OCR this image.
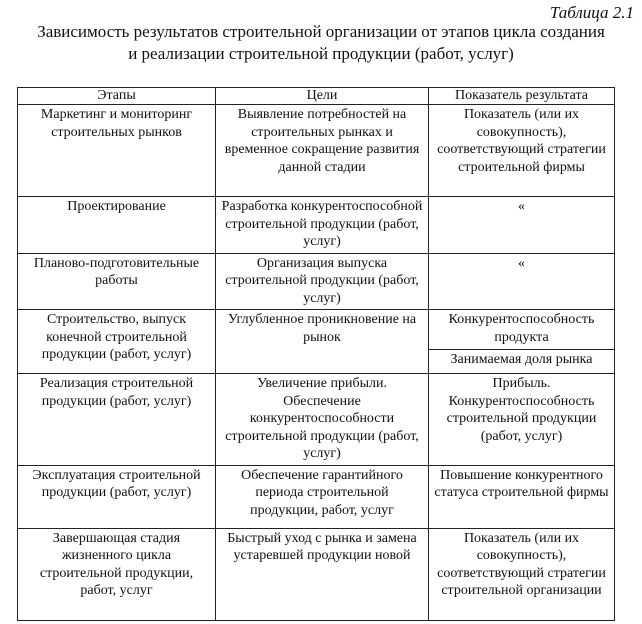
Таблица 2.1
Зависимость результатов строительной организации от этапов цикла создания
и реализации строительной продукции (работ, услуг)
Этапы	Цели	Показатель результата
Маркетинг и мониторинг строительных рынков	Выявление потребностей на строительных рынках и временное сокращение развития данной стадии	Показатель (или их совокупность), соответствующий стратегии строительной фирмы
Проектирование	Разработка конкурентоспособной строительной продукции (работ, услуг)	«
Планово-подготовительные работы	Организация выпуска строительной продукции (работ, услуг)	«
Строительство, выпуск конечной строительной продукции (работ, услуг)	Углубленное проникновение на рынок	Конкурентоспособность продукта
		Занимаемая доля рынка
Реализация строительной продукции (работ, услуг)	Увеличение прибыли. Обеспечение конкурентоспособности строительной продукции (работ, услуг)	Прибыль. Конкурентоспособность строительной продукции (работ, услуг)
Эксплуатация строительной продукции (работ, услуг)	Обеспечение гарантийного периода строительной продукции, работ, услуг	Повышение конкурентного статуса строительной фирмы
Завершающая стадия жизненного цикла строительной продукции, работ, услуг	Быстрый уход с рынка и замена устаревшей продукции новой	Показатель (или их совокупность), соответствующий стратегии строительной организации
